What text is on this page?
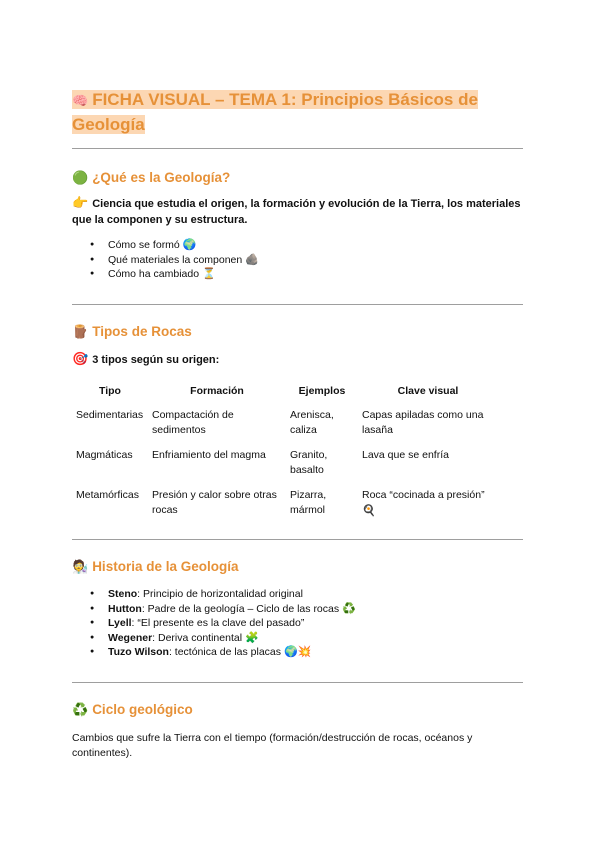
🧠 FICHA VISUAL – TEMA 1: Principios Básicos de Geología
🟢 ¿Qué es la Geología?
👉 Ciencia que estudia el origen, la formación y evolución de la Tierra, los materiales que la componen y su estructura.
● Cómo se formó 🌍
● Qué materiales la componen 🪨
● Cómo ha cambiado ⏳
🪵 Tipos de Rocas
🎯 3 tipos según su origen:
Tipo	Formación	Ejemplos	Clave visual
Sedimentarias	Compactación de sedimentos	Arenisca, caliza	Capas apiladas como una lasaña
Magmáticas	Enfriamiento del magma	Granito, basalto	Lava que se enfría
Metamórficas	Presión y calor sobre otras rocas	Pizarra, mármol	Roca “cocinada a presión”
🍳
🧑‍🔬 Historia de la Geología
● Steno: Principio de horizontalidad original
● Hutton: Padre de la geología – Ciclo de las rocas ♻️
● Lyell: “El presente es la clave del pasado”
● Wegener: Deriva continental 🧩
● Tuzo Wilson: tectónica de las placas 🌍💥
♻️ Ciclo geológico
Cambios que sufre la Tierra con el tiempo (formación/destrucción de rocas, océanos y continentes).
